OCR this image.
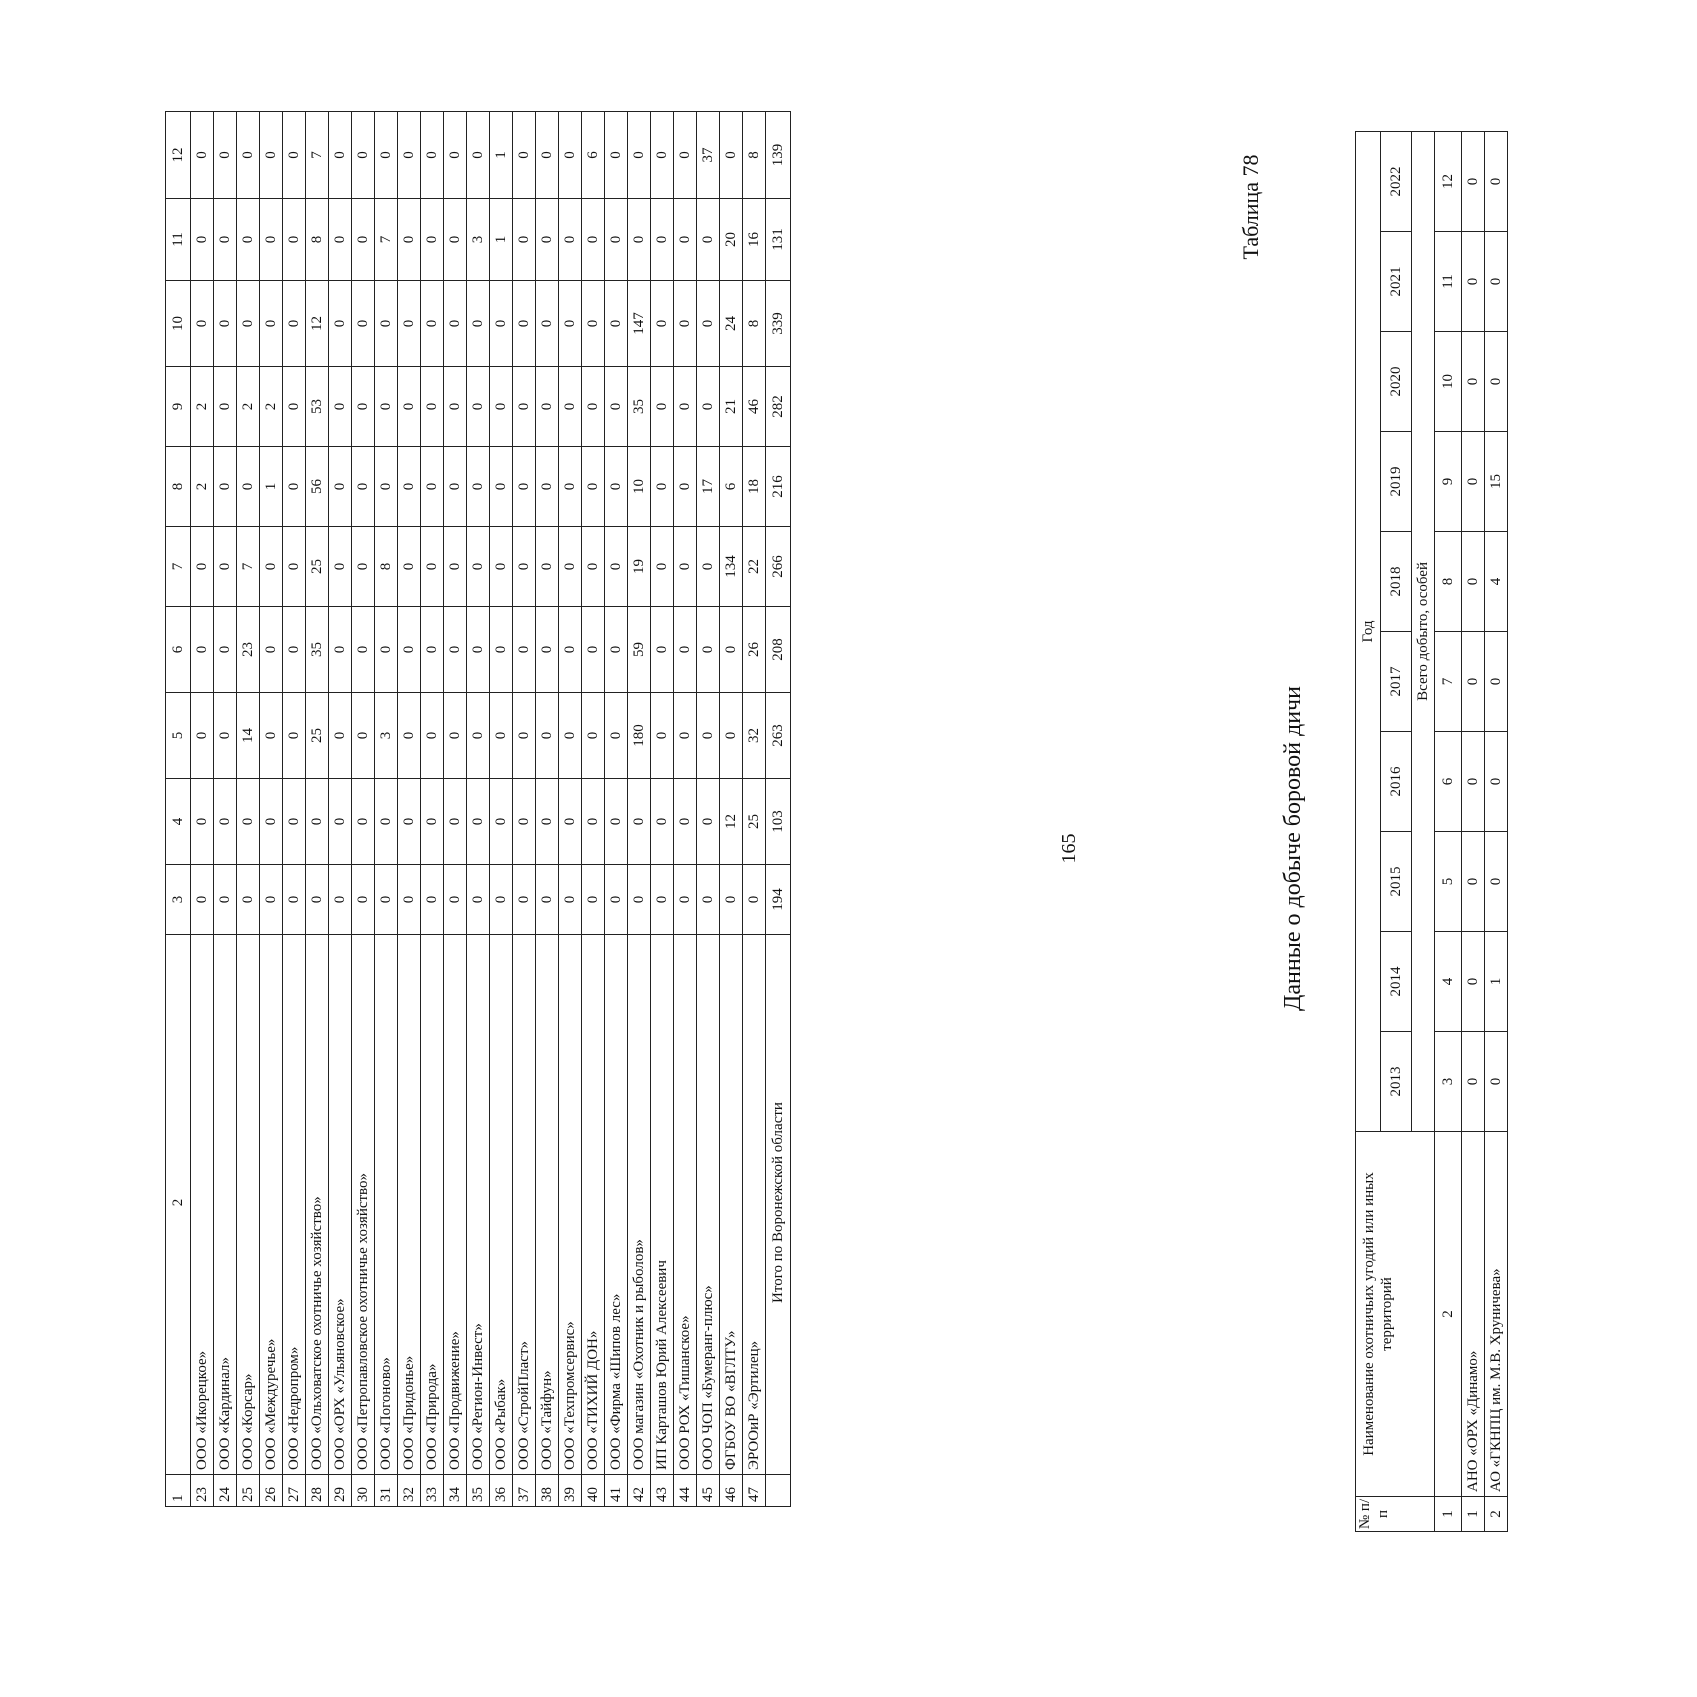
1	2	3	4	5	6	7	8	9	10	11	12
23	ООО «Икорецкое»	0	0	0	0	0	2	2	0	0	0
24	ООО «Кардинал»	0	0	0	0	0	0	0	0	0	0
25	ООО «Корсар»	0	0	14	23	7	0	2	0	0	0
26	ООО «Междуречье»	0	0	0	0	0	1	2	0	0	0
27	ООО «Недропром»	0	0	0	0	0	0	0	0	0	0
28	ООО «Ольховатское охотничье хозяйство»	0	0	25	35	25	56	53	12	8	7
29	ООО «ОРХ «Ульяновское»	0	0	0	0	0	0	0	0	0	0
30	ООО «Петропавловское охотничье хозяйство»	0	0	0	0	0	0	0	0	0	0
31	ООО «Погоново»	0	0	3	0	8	0	0	0	7	0
32	ООО «Придонье»	0	0	0	0	0	0	0	0	0	0
33	ООО «Природа»	0	0	0	0	0	0	0	0	0	0
34	ООО «Продвижение»	0	0	0	0	0	0	0	0	0	0
35	ООО «Регион-Инвест»	0	0	0	0	0	0	0	0	3	0
36	ООО «Рыбак»	0	0	0	0	0	0	0	0	1	1
37	ООО «СтройПласт»	0	0	0	0	0	0	0	0	0	0
38	ООО «Тайфун»	0	0	0	0	0	0	0	0	0	0
39	ООО «Техпромсервис»	0	0	0	0	0	0	0	0	0	0
40	ООО «ТИХИЙ ДОН»	0	0	0	0	0	0	0	0	0	6
41	ООО «Фирма «Шипов лес»	0	0	0	0	0	0	0	0	0	0
42	ООО магазин «Охотник и рыболов»	0	0	180	59	19	10	35	147	0	0
43	ИП Карташов Юрий Алексеевич	0	0	0	0	0	0	0	0	0	0
44	ООО РОХ «Тишанское»	0	0	0	0	0	0	0	0	0	0
45	ООО ЧОП «Бумеранг-плюс»	0	0	0	0	0	17	0	0	0	37
46	ФГБОУ ВО «ВГЛТУ»	0	12	0	0	134	6	21	24	20	0
47	ЭРООиР «Эртилец»	0	25	32	26	22	18	46	8	16	8
	Итого по Воронежской области	194	103	263	208	266	216	282	339	131	139
165
Таблица 78
Данные о добыче боровой дичи
№ п/п	Наименование охотничьих угодий или иных территорий	Год									
		2013	2014	2015	2016	2017	2018	2019	2020	2021	2022
		Всего добыто, особей									
1	2	3	4	5	6	7	8	9	10	11	12
1	АНО «ОРХ «Динамо»	0	0	0	0	0	0	0	0	0	0
2	АО «ГКНПЦ им. М.В. Хруничева»	0	1	0	0	0	4	15	0	0	0
